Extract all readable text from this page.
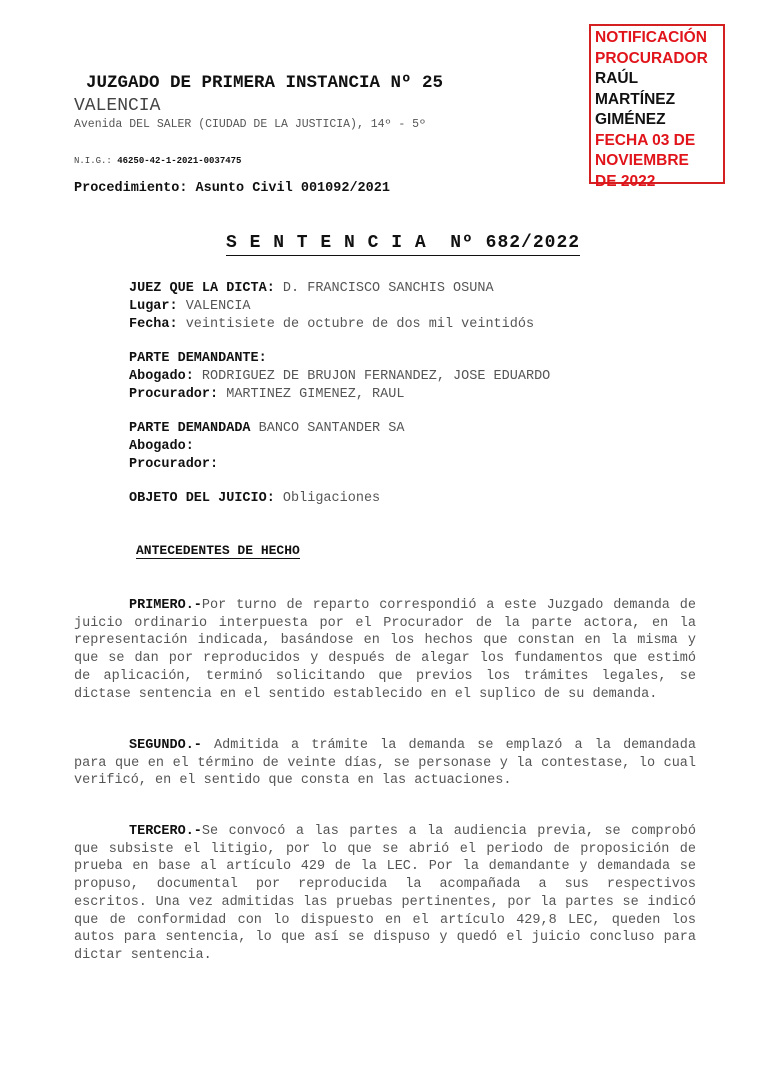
NOTIFICACIÓN
PROCURADOR
RAÚL
MARTÍNEZ
GIMÉNEZ
FECHA 03 DE
NOVIEMBRE
DE 2022
JUZGADO DE PRIMERA INSTANCIA Nº 25
VALENCIA
Avenida DEL SALER (CIUDAD DE LA JUSTICIA), 14º - 5º
N.I.G.: 46250-42-1-2021-0037475
Procedimiento: Asunto Civil 001092/2021
S E N T E N C I A  Nº 682/2022
JUEZ QUE LA DICTA: D. FRANCISCO SANCHIS OSUNA
Lugar: VALENCIA
Fecha: veintisiete de octubre de dos mil veintidós
PARTE DEMANDANTE:
Abogado: RODRIGUEZ DE BRUJON FERNANDEZ, JOSE EDUARDO
Procurador: MARTINEZ GIMENEZ, RAUL
PARTE DEMANDADA BANCO SANTANDER SA
Abogado:
Procurador:
OBJETO DEL JUICIO: Obligaciones
ANTECEDENTES DE HECHO
PRIMERO.-Por turno de reparto correspondió a este Juzgado demanda de juicio ordinario interpuesta por el Procurador de la parte actora, en la representación indicada, basándose en los hechos que constan en la misma y que se dan por reproducidos y después de alegar los fundamentos que estimó de aplicación, terminó solicitando que previos los trámites legales, se dictase sentencia en el sentido establecido en el suplico de su demanda.
SEGUNDO.- Admitida a trámite la demanda se emplazó a la demandada para que en el término de veinte días, se personase y la contestase, lo cual verificó, en el sentido que consta en las actuaciones.
TERCERO.-Se convocó a las partes a la audiencia previa, se comprobó que subsiste el litigio, por lo que se abrió el periodo de proposición de prueba en base al artículo 429 de la LEC. Por la demandante y demandada se propuso, documental por reproducida la acompañada a sus respectivos escritos. Una vez admitidas las pruebas pertinentes, por la partes se indicó que de conformidad con lo dispuesto en el artículo 429,8 LEC, queden los autos para sentencia, lo que así se dispuso y quedó el juicio concluso para dictar sentencia.
